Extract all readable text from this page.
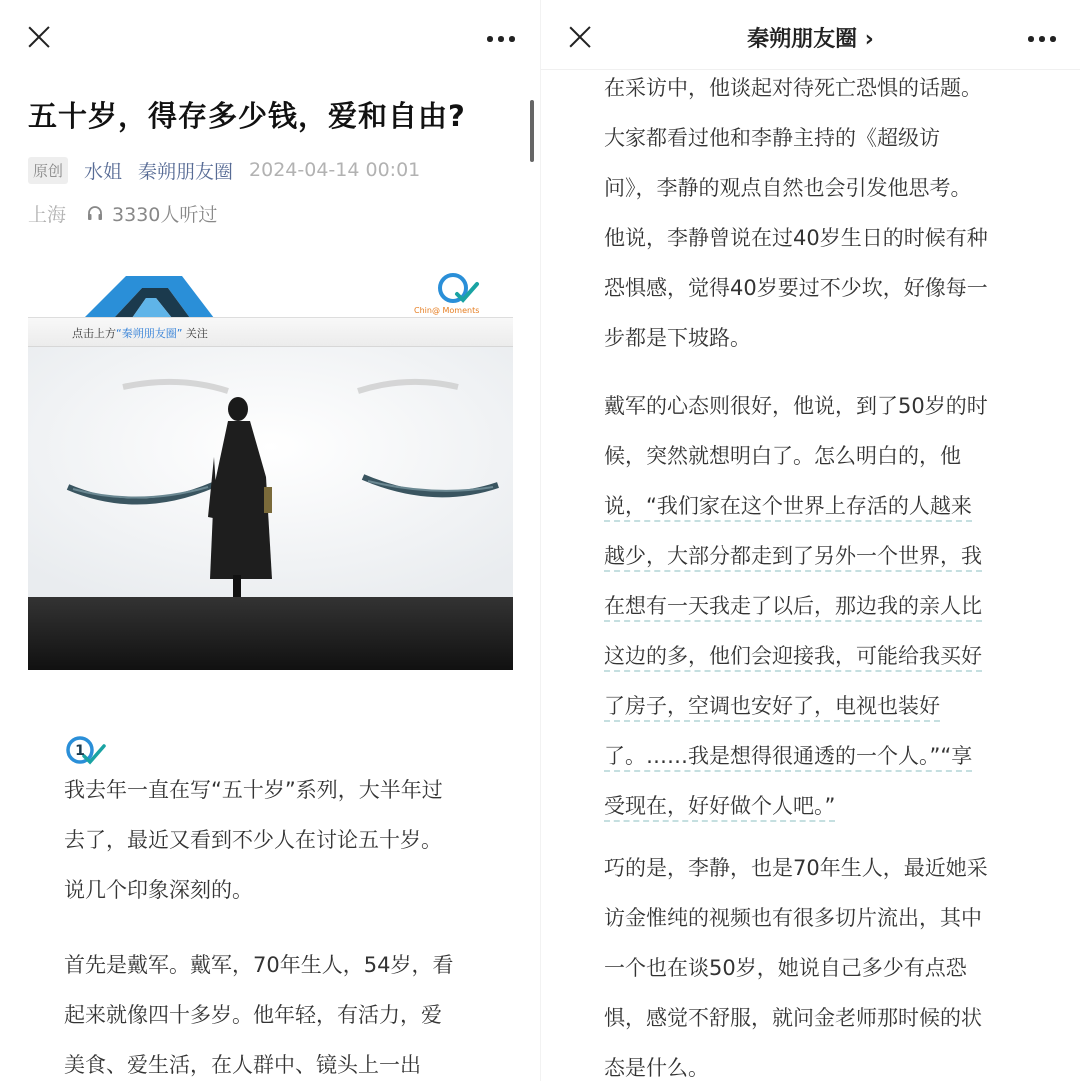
五十岁，得存多少钱，爱和自由?
原创 水姐 秦朔朋友圈 2024-04-14 00:01
上海 3330人听过
Chin@ Moments
点击上方“秦朔朋友圈” 关注
1
我去年一直在写“五十岁”系列，大半年过
去了，最近又看到不少人在讨论五十岁。
说几个印象深刻的。
首先是戴军。戴军，70年生人，54岁，看
起来就像四十多岁。他年轻，有活力，爱
美食、爱生活，在人群中、镜头上一出
秦朔朋友圈 ›
在采访中，他谈起对待死亡恐惧的话题。
大家都看过他和李静主持的《超级访
问》，李静的观点自然也会引发他思考。
他说，李静曾说在过40岁生日的时候有种
恐惧感，觉得40岁要过不少坎，好像每一
步都是下坡路。
戴军的心态则很好，他说，到了50岁的时
候，突然就想明白了。怎么明白的，他
说，“我们家在这个世界上存活的人越来
越少，大部分都走到了另外一个世界，我
在想有一天我走了以后，那边我的亲人比
这边的多，他们会迎接我，可能给我买好
了房子，空调也安好了，电视也装好
了。……我是想得很通透的一个人。”“享
受现在，好好做个人吧。”
巧的是，李静，也是70年生人，最近她采
访金惟纯的视频也有很多切片流出，其中
一个也在谈50岁，她说自己多少有点恐
惧，感觉不舒服，就问金老师那时候的状
态是什么。
